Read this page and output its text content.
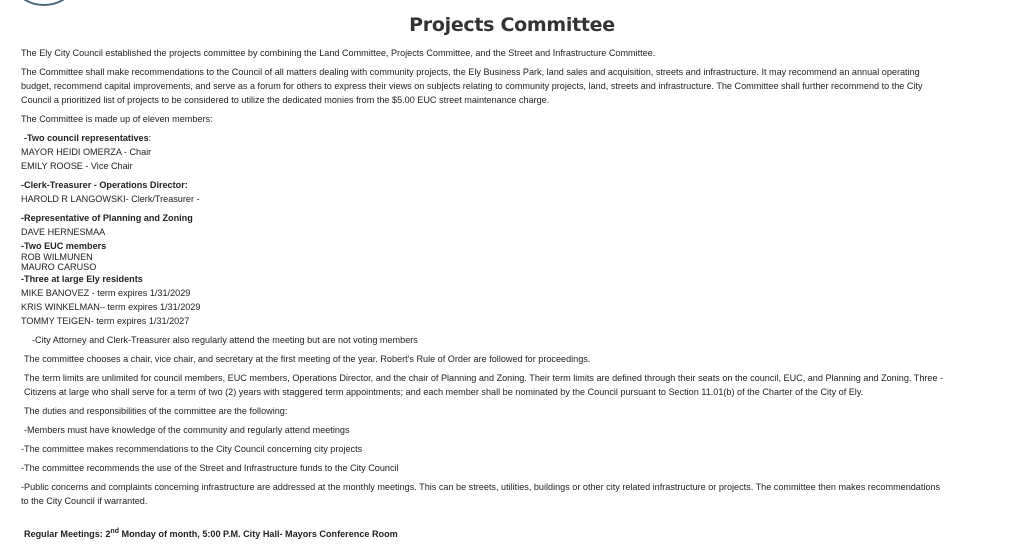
Projects Committee

The Ely City Council established the projects committee by combining the Land Committee, Projects Committee, and the Street and Infrastructure Committee.

The Committee shall make recommendations to the Council of all matters dealing with community projects, the Ely Business Park, land sales and acquisition, streets and infrastructure. It may recommend an annual operating
budget, recommend capital improvements, and serve as a forum for others to express their views on subjects relating to community projects, land, streets and infrastructure. The Committee shall further recommend to the City
Council a prioritized list of projects to be considered to utilize the dedicated monies from the $5.00 EUC street maintenance charge.

The Committee is made up of eleven members:

-Two council representatives:
MAYOR HEIDI OMERZA - Chair
EMILY ROOSE - Vice Chair
-Clerk-Treasurer - Operations Director:
HAROLD R LANGOWSKI- Clerk/Treasurer -
-Representative of Planning and Zoning
DAVE HERNESMAA
-Two EUC members
ROB WILMUNEN
MAURO CARUSO
-Three at large Ely residents
MIKE BANOVEZ - term expires 1/31/2029
KRIS WINKELMAN– term expires 1/31/2029
TOMMY TEIGEN- term expires 1/31/2027

-City Attorney and Clerk-Treasurer also regularly attend the meeting but are not voting members

The committee chooses a chair, vice chair, and secretary at the first meeting of the year. Robert's Rule of Order are followed for proceedings.

The term limits are unlimited for council members, EUC members, Operations Director, and the chair of Planning and Zoning. Their term limits are defined through their seats on the council, EUC, and Planning and Zoning. Three -
Citizens at large who shall serve for a term of two (2) years with staggered term appointments; and each member shall be nominated by the Council pursuant to Section 11.01(b) of the Charter of the City of Ely.

The duties and responsibilities of the committee are the following:

-Members must have knowledge of the community and regularly attend meetings

-The committee makes recommendations to the City Council concerning city projects

-The committee recommends the use of the Street and Infrastructure funds to the City Council

-Public concerns and complaints concerning infrastructure are addressed at the monthly meetings. This can be streets, utilities, buildings or other city related infrastructure or projects. The committee then makes recommendations
to the City Council if warranted.

Regular Meetings: 2nd Monday of month, 5:00 P.M. City Hall- Mayors Conference Room
